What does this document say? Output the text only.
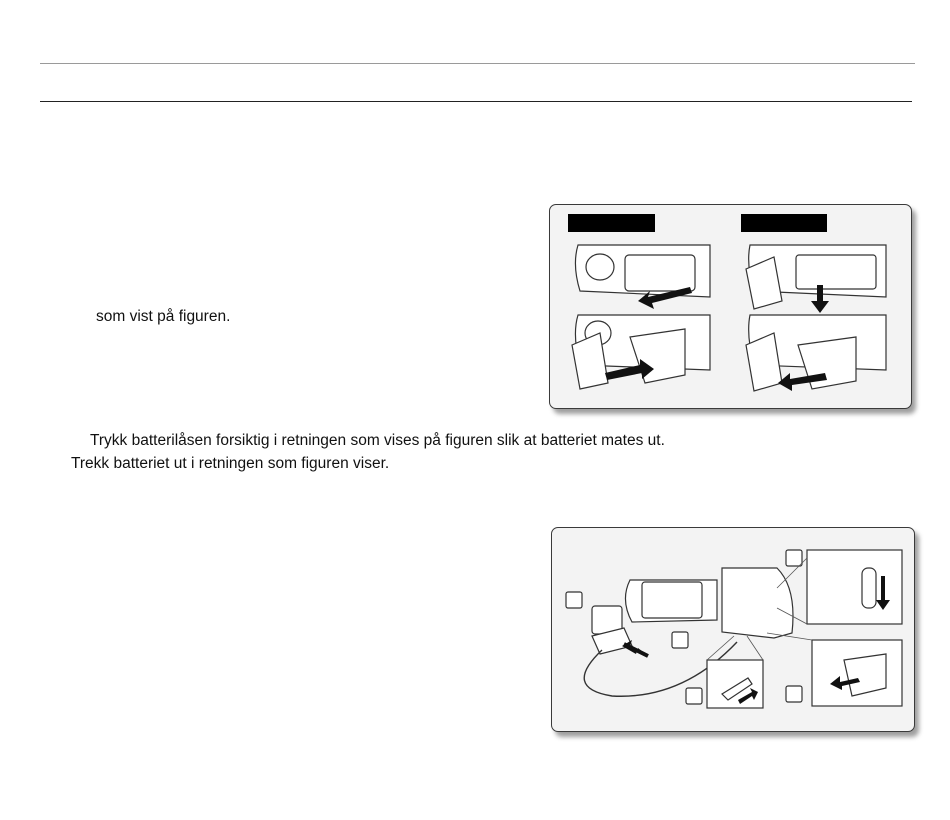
som vist på figuren.
Trykk batterilåsen forsiktig i retningen som vises på figuren slik at batteriet mates ut.
Trekk batteriet ut i retningen som figuren viser.
